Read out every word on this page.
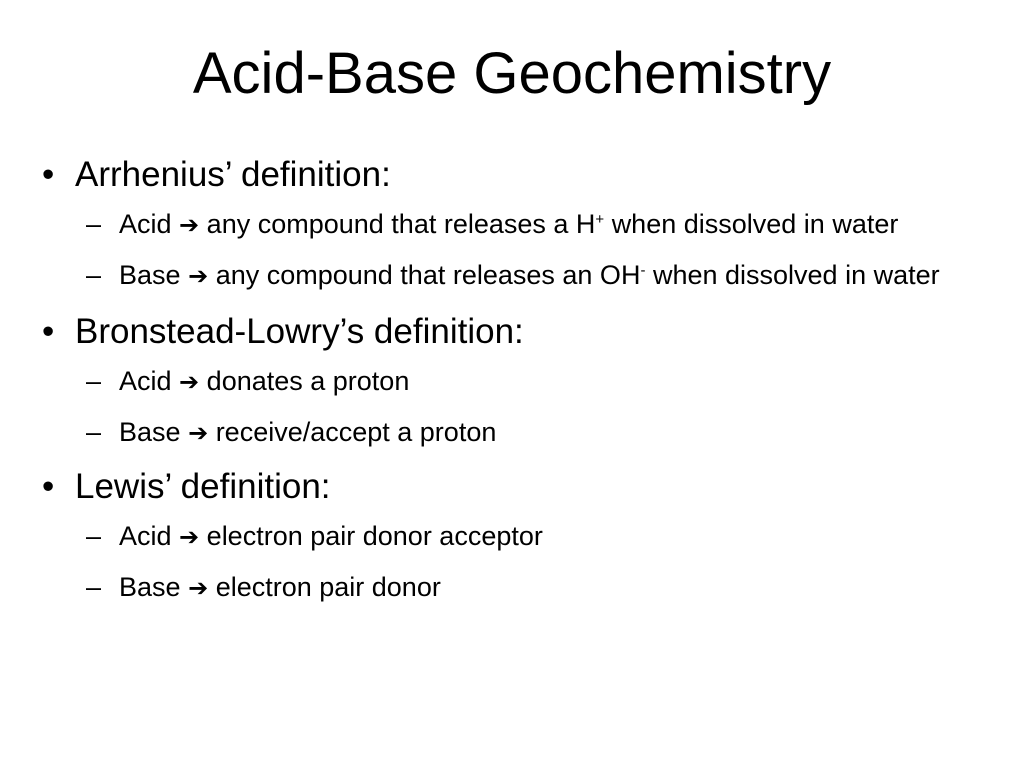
Acid-Base Geochemistry
• Arrhenius’ definition:
– Acid ➔ any compound that releases a H+ when dissolved in water
– Base ➔ any compound that releases an OH- when dissolved in water
• Bronstead-Lowry’s definition:
– Acid ➔ donates a proton
– Base ➔ receive/accept a proton
• Lewis’ definition:
– Acid ➔ electron pair donor acceptor
– Base ➔ electron pair donor
